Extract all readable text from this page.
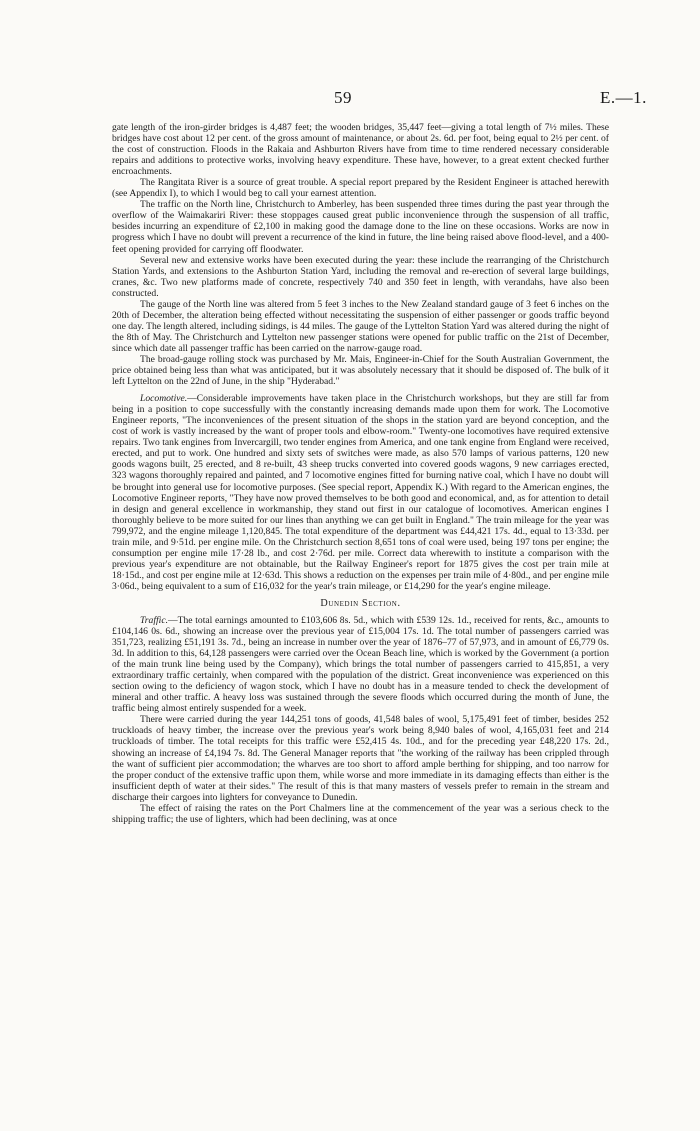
59	E.—1.

gate length of the iron-girder bridges is 4,487 feet; the wooden bridges, 35,447 feet—giving a total length of 7½ miles. These bridges have cost about 12 per cent. of the gross amount of maintenance, or about 2s. 6d. per foot, being equal to 2½ per cent. of the cost of construction. Floods in the Rakaia and Ashburton Rivers have from time to time rendered necessary considerable repairs and additions to protective works, involving heavy expenditure. These have, however, to a great extent checked further encroachments.

The Rangitata River is a source of great trouble. A special report prepared by the Resident Engineer is attached herewith (see Appendix I), to which I would beg to call your earnest attention.

The traffic on the North line, Christchurch to Amberley, has been suspended three times during the past year through the overflow of the Waimakariri River: these stoppages caused great public inconvenience through the suspension of all traffic, besides incurring an expenditure of £2,100 in making good the damage done to the line on these occasions. Works are now in progress which I have no doubt will prevent a recurrence of the kind in future, the line being raised above flood-level, and a 400-feet opening provided for carrying off floodwater.

Several new and extensive works have been executed during the year: these include the rearranging of the Christchurch Station Yards, and extensions to the Ashburton Station Yard, including the removal and re-erection of several large buildings, cranes, &c. Two new platforms made of concrete, respectively 740 and 350 feet in length, with verandahs, have also been constructed.

The gauge of the North line was altered from 5 feet 3 inches to the New Zealand standard gauge of 3 feet 6 inches on the 20th of December, the alteration being effected without necessitating the suspension of either passenger or goods traffic beyond one day. The length altered, including sidings, is 44 miles. The gauge of the Lyttelton Station Yard was altered during the night of the 8th of May. The Christchurch and Lyttelton new passenger stations were opened for public traffic on the 21st of December, since which date all passenger traffic has been carried on the narrow-gauge road.

The broad-gauge rolling stock was purchased by Mr. Mais, Engineer-in-Chief for the South Australian Government, the price obtained being less than what was anticipated, but it was absolutely necessary that it should be disposed of. The bulk of it left Lyttelton on the 22nd of June, in the ship "Hyderabad."

Locomotive.—Considerable improvements have taken place in the Christchurch workshops, but they are still far from being in a position to cope successfully with the constantly increasing demands made upon them for work. The Locomotive Engineer reports, "The inconveniences of the present situation of the shops in the station yard are beyond conception, and the cost of work is vastly increased by the want of proper tools and elbow-room." Twenty-one locomotives have required extensive repairs. Two tank engines from Invercargill, two tender engines from America, and one tank engine from England were received, erected, and put to work. One hundred and sixty sets of switches were made, as also 570 lamps of various patterns, 120 new goods wagons built, 25 erected, and 8 re-built, 43 sheep trucks converted into covered goods wagons, 9 new carriages erected, 323 wagons thoroughly repaired and painted, and 7 locomotive engines fitted for burning native coal, which I have no doubt will be brought into general use for locomotive purposes. (See special report, Appendix K.) With regard to the American engines, the Locomotive Engineer reports, "They have now proved themselves to be both good and economical, and, as for attention to detail in design and general excellence in workmanship, they stand out first in our catalogue of locomotives. American engines I thoroughly believe to be more suited for our lines than anything we can get built in England." The train mileage for the year was 799,972, and the engine mileage 1,120,845. The total expenditure of the department was £44,421 17s. 4d., equal to 13·33d. per train mile, and 9·51d. per engine mile. On the Christchurch section 8,651 tons of coal were used, being 197 tons per engine; the consumption per engine mile 17·28 lb., and cost 2·76d. per mile. Correct data wherewith to institute a comparison with the previous year's expenditure are not obtainable, but the Railway Engineer's report for 1875 gives the cost per train mile at 18·15d., and cost per engine mile at 12·63d. This shows a reduction on the expenses per train mile of 4·80d., and per engine mile 3·06d., being equivalent to a sum of £16,032 for the year's train mileage, or £14,290 for the year's engine mileage.

Dunedin Section.

Traffic.—The total earnings amounted to £103,606 8s. 5d., which with £539 12s. 1d., received for rents, &c., amounts to £104,146 0s. 6d., showing an increase over the previous year of £15,004 17s. 1d. The total number of passengers carried was 351,723, realizing £51,191 3s. 7d., being an increase in number over the year of 1876–77 of 57,973, and in amount of £6,779 0s. 3d. In addition to this, 64,128 passengers were carried over the Ocean Beach line, which is worked by the Government (a portion of the main trunk line being used by the Company), which brings the total number of passengers carried to 415,851, a very extraordinary traffic certainly, when compared with the population of the district. Great inconvenience was experienced on this section owing to the deficiency of wagon stock, which I have no doubt has in a measure tended to check the development of mineral and other traffic. A heavy loss was sustained through the severe floods which occurred during the month of June, the traffic being almost entirely suspended for a week.

There were carried during the year 144,251 tons of goods, 41,548 bales of wool, 5,175,491 feet of timber, besides 252 truckloads of heavy timber, the increase over the previous year's work being 8,940 bales of wool, 4,165,031 feet and 214 truckloads of timber. The total receipts for this traffic were £52,415 4s. 10d., and for the preceding year £48,220 17s. 2d., showing an increase of £4,194 7s. 8d. The General Manager reports that "the working of the railway has been crippled through the want of sufficient pier accommodation; the wharves are too short to afford ample berthing for shipping, and too narrow for the proper conduct of the extensive traffic upon them, while worse and more immediate in its damaging effects than either is the insufficient depth of water at their sides." The result of this is that many masters of vessels prefer to remain in the stream and discharge their cargoes into lighters for conveyance to Dunedin.

The effect of raising the rates on the Port Chalmers line at the commencement of the year was a serious check to the shipping traffic; the use of lighters, which had been declining, was at once
